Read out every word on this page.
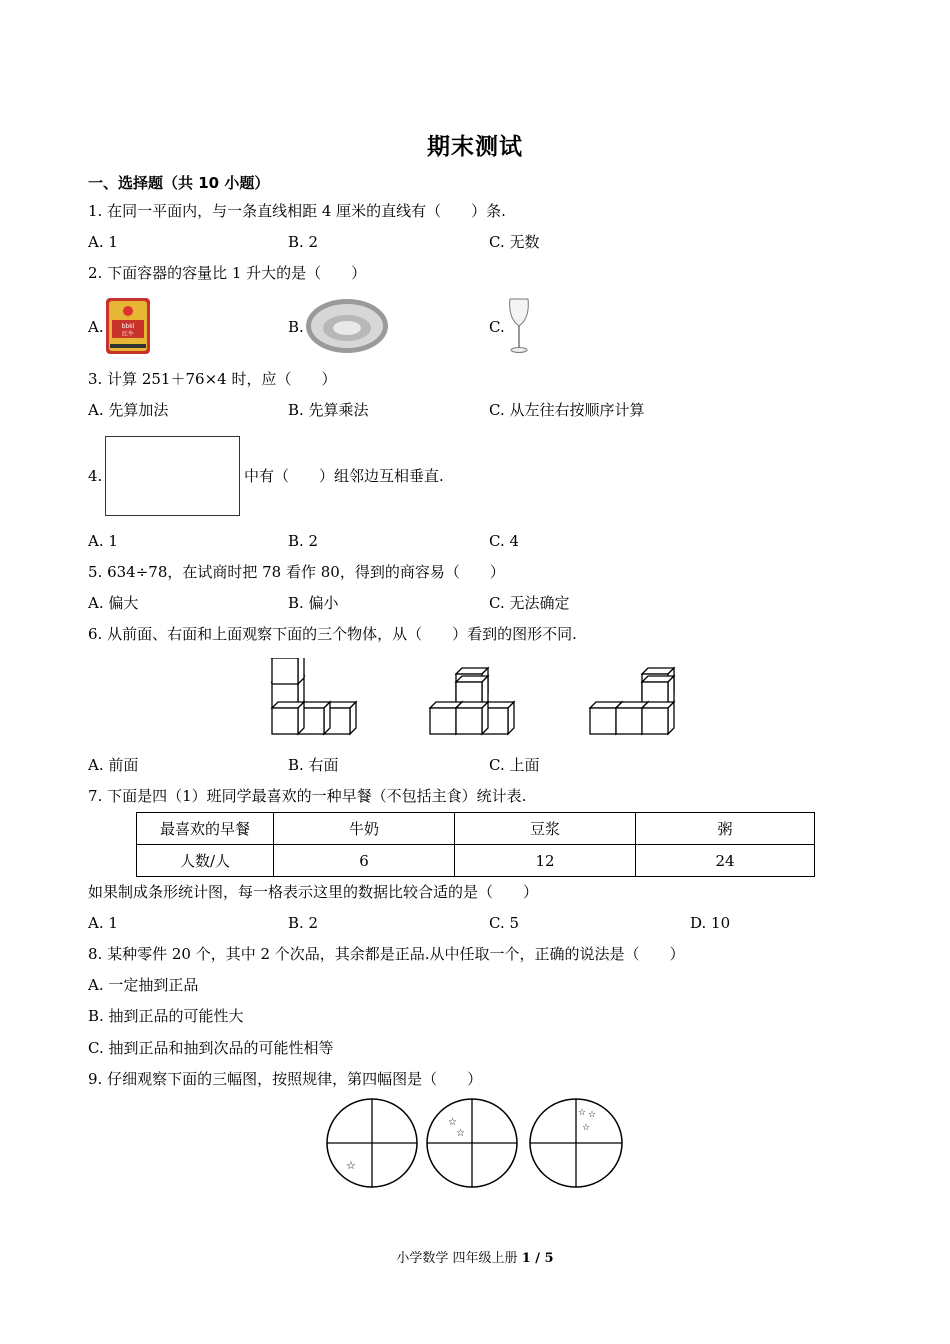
期末测试
一、选择题（共 10 小题）
1. 在同一平面内，与一条直线相距 4 厘米的直线有（　　）条.
A. 1	B. 2	C. 无数
2. 下面容器的容量比 1 升大的是（　　）
A.	bbkl
红牛	B.	C.
3. 计算 251＋76×4 时，应（　　）
A. 先算加法	B. 先算乘法	C. 从左往右按顺序计算
4.	中有（　　）组邻边互相垂直.
A. 1	B. 2	C. 4
5. 634÷78，在试商时把 78 看作 80，得到的商容易（　　）
A. 偏大	B. 偏小	C. 无法确定
6. 从前面、右面和上面观察下面的三个物体，从（　　）看到的图形不同.
A. 前面	B. 右面	C. 上面
7. 下面是四（1）班同学最喜欢的一种早餐（不包括主食）统计表.
最喜欢的早餐	牛奶	豆浆	粥
人数/人	6	12	24
如果制成条形统计图，每一格表示这里的数据比较合适的是（　　）
A. 1	B. 2	C. 5	D. 10
8. 某种零件 20 个，其中 2 个次品，其余都是正品.从中任取一个，正确的说法是（　　）
A. 一定抽到正品
B. 抽到正品的可能性大
C. 抽到正品和抽到次品的可能性相等
9. 仔细观察下面的三幅图，按照规律，第四幅图是（　　）
☆
☆
☆
☆ ☆
☆
小学数学 四年级上册 1 / 5
